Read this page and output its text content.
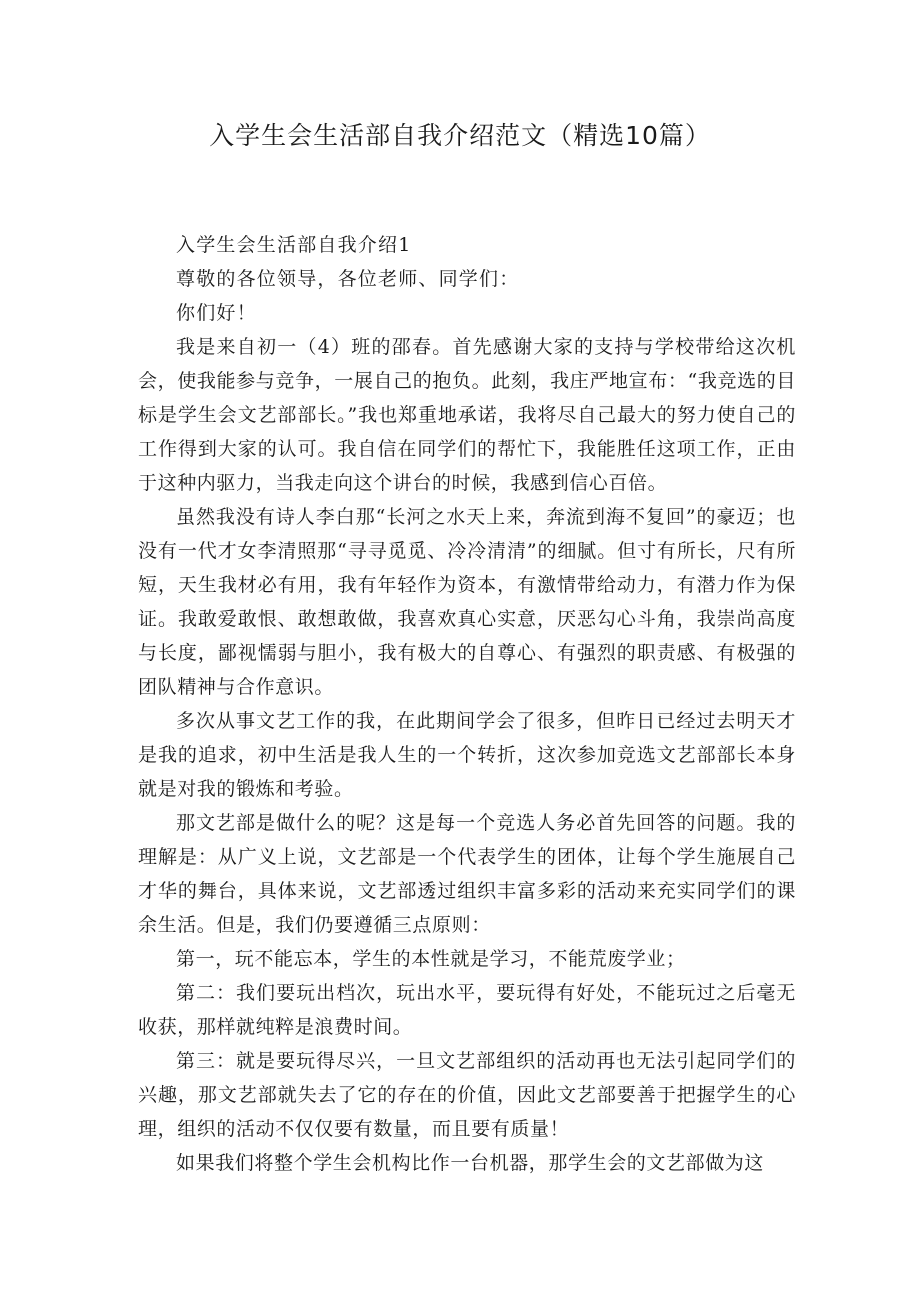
入学生会生活部自我介绍范文（精选10篇）

入学生会生活部自我介绍1

尊敬的各位领导，各位老师、同学们：

你们好！

我是来自初一（4）班的邵春。首先感谢大家的支持与学校带给这次机会，使我能参与竞争，一展自己的抱负。此刻，我庄严地宣布：“我竞选的目标是学生会文艺部部长。”我也郑重地承诺，我将尽自己最大的努力使自己的工作得到大家的认可。我自信在同学们的帮忙下，我能胜任这项工作，正由于这种内驱力，当我走向这个讲台的时候，我感到信心百倍。

虽然我没有诗人李白那“长河之水天上来，奔流到海不复回”的豪迈；也没有一代才女李清照那“寻寻觅觅、冷冷清清”的细腻。但寸有所长，尺有所短，天生我材必有用，我有年轻作为资本，有激情带给动力，有潜力作为保证。我敢爱敢恨、敢想敢做，我喜欢真心实意，厌恶勾心斗角，我崇尚高度与长度，鄙视懦弱与胆小，我有极大的自尊心、有强烈的职责感、有极强的团队精神与合作意识。

多次从事文艺工作的我，在此期间学会了很多，但昨日已经过去明天才是我的追求，初中生活是我人生的一个转折，这次参加竞选文艺部部长本身就是对我的锻炼和考验。

那文艺部是做什么的呢？这是每一个竞选人务必首先回答的问题。我的理解是：从广义上说，文艺部是一个代表学生的团体，让每个学生施展自己才华的舞台，具体来说，文艺部透过组织丰富多彩的活动来充实同学们的课余生活。但是，我们仍要遵循三点原则：

第一，玩不能忘本，学生的本性就是学习，不能荒废学业；

第二：我们要玩出档次，玩出水平，要玩得有好处，不能玩过之后毫无收获，那样就纯粹是浪费时间。

第三：就是要玩得尽兴，一旦文艺部组织的活动再也无法引起同学们的兴趣，那文艺部就失去了它的存在的价值，因此文艺部要善于把握学生的心理，组织的活动不仅仅要有数量，而且要有质量！

如果我们将整个学生会机构比作一台机器，那学生会的文艺部做为这
